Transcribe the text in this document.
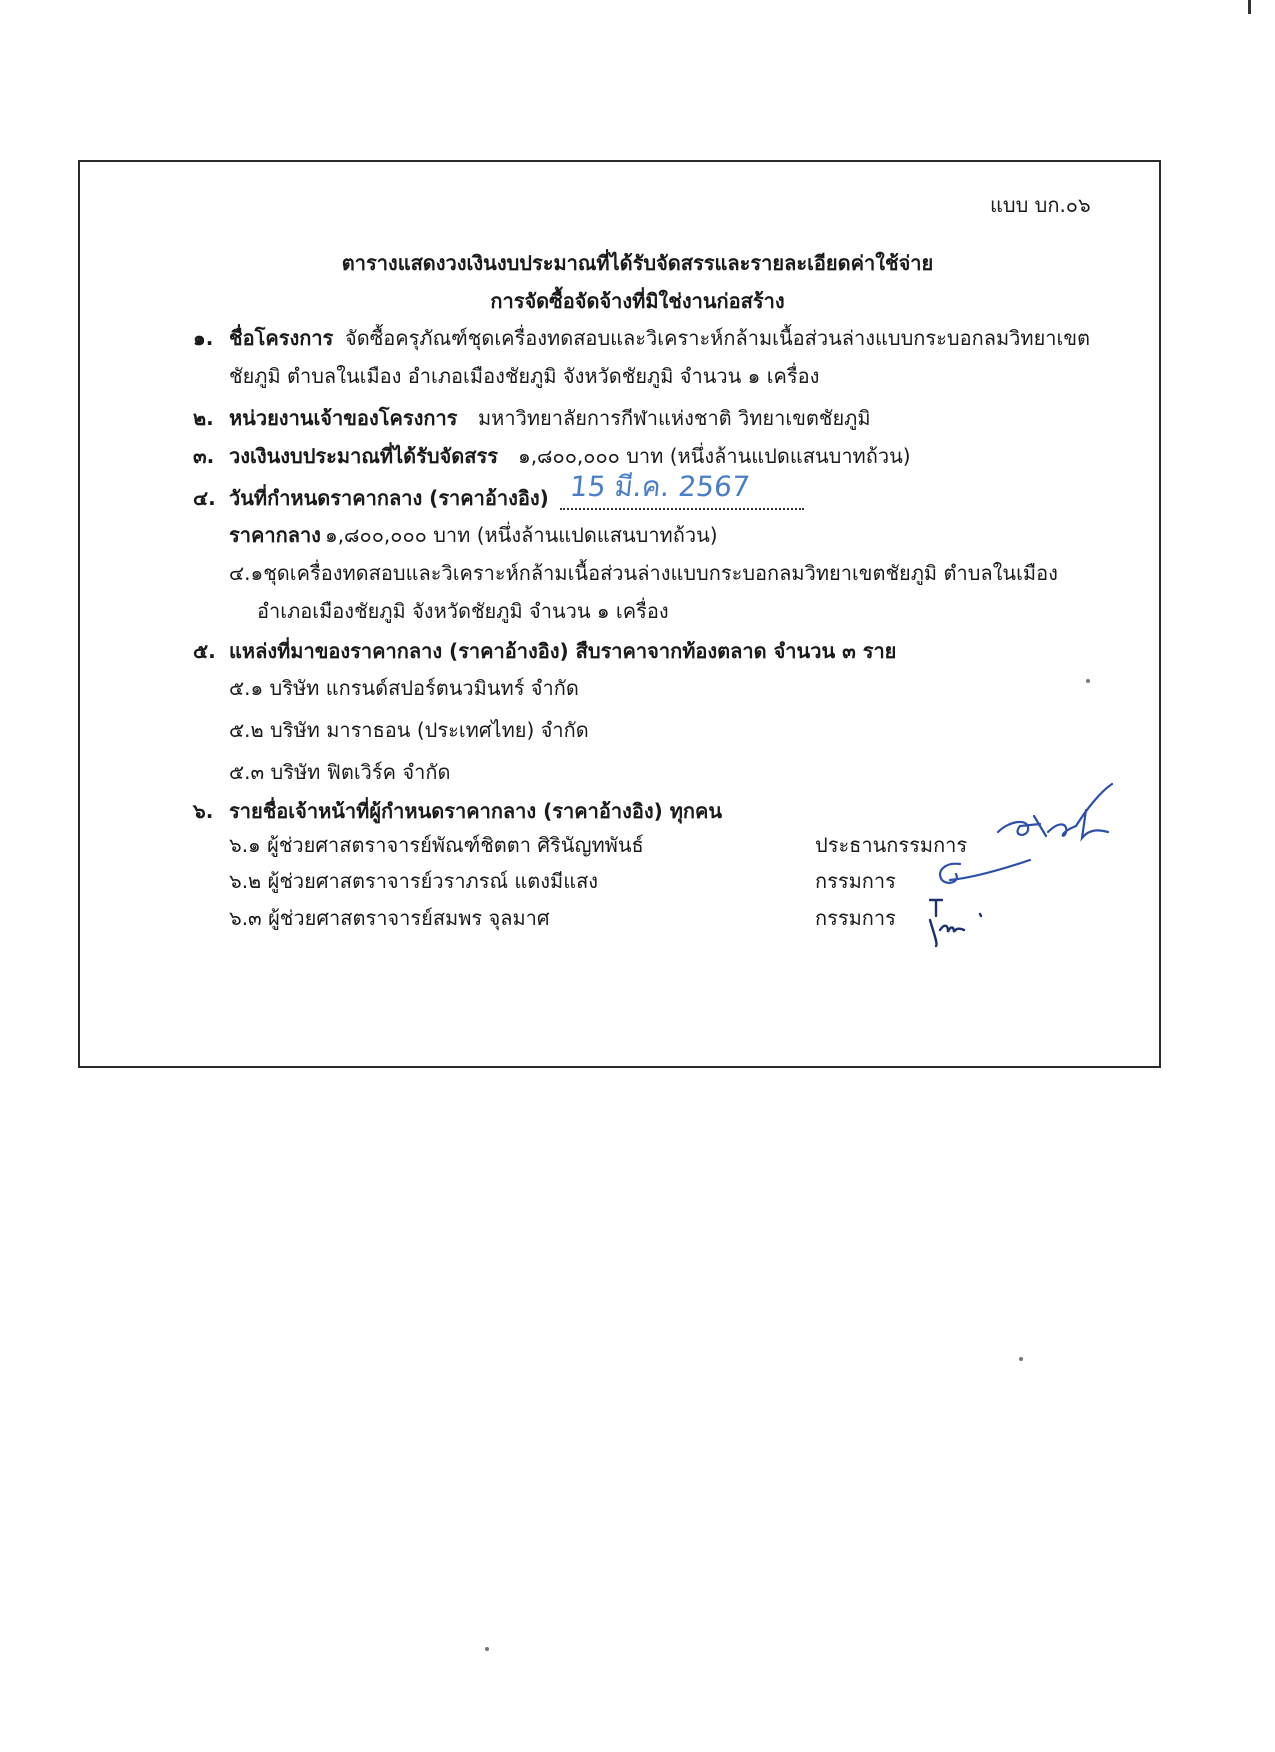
แบบ บก.๐๖
ตารางแสดงวงเงินงบประมาณที่ได้รับจัดสรรและรายละเอียดค่าใช้จ่าย
การจัดซื้อจัดจ้างที่มิใช่งานก่อสร้าง
๑. ชื่อโครงการ จัดซื้อครุภัณฑ์ชุดเครื่องทดสอบและวิเคราะห์กล้ามเนื้อส่วนล่างแบบกระบอกลมวิทยาเขต
ชัยภูมิ ตำบลในเมือง อำเภอเมืองชัยภูมิ จังหวัดชัยภูมิ จำนวน ๑ เครื่อง
๒. หน่วยงานเจ้าของโครงการ มหาวิทยาลัยการกีฬาแห่งชาติ วิทยาเขตชัยภูมิ
๓. วงเงินงบประมาณที่ได้รับจัดสรร ๑,๘๐๐,๐๐๐ บาท (หนึ่งล้านแปดแสนบาทถ้วน)
๔. วันที่กำหนดราคากลาง (ราคาอ้างอิง) 15 มี.ค. 2567
ราคากลาง ๑,๘๐๐,๐๐๐ บาท (หนึ่งล้านแปดแสนบาทถ้วน)
๔.๑ชุดเครื่องทดสอบและวิเคราะห์กล้ามเนื้อส่วนล่างแบบกระบอกลมวิทยาเขตชัยภูมิ ตำบลในเมือง
อำเภอเมืองชัยภูมิ จังหวัดชัยภูมิ จำนวน ๑ เครื่อง
๕. แหล่งที่มาของราคากลาง (ราคาอ้างอิง) สืบราคาจากท้องตลาด จำนวน ๓ ราย
๕.๑ บริษัท แกรนด์สปอร์ตนวมินทร์ จำกัด
๕.๒ บริษัท มาราธอน (ประเทศไทย) จำกัด
๕.๓ บริษัท ฟิตเวิร์ค จำกัด
๖. รายชื่อเจ้าหน้าที่ผู้กำหนดราคากลาง (ราคาอ้างอิง) ทุกคน
๖.๑ ผู้ช่วยศาสตราจารย์พัณฑ์ชิตตา ศิรินัญทพันธ์	ประธานกรรมการ
๖.๒ ผู้ช่วยศาสตราจารย์วราภรณ์ แตงมีแสง	กรรมการ
๖.๓ ผู้ช่วยศาสตราจารย์สมพร จุลมาศ	กรรมการ
